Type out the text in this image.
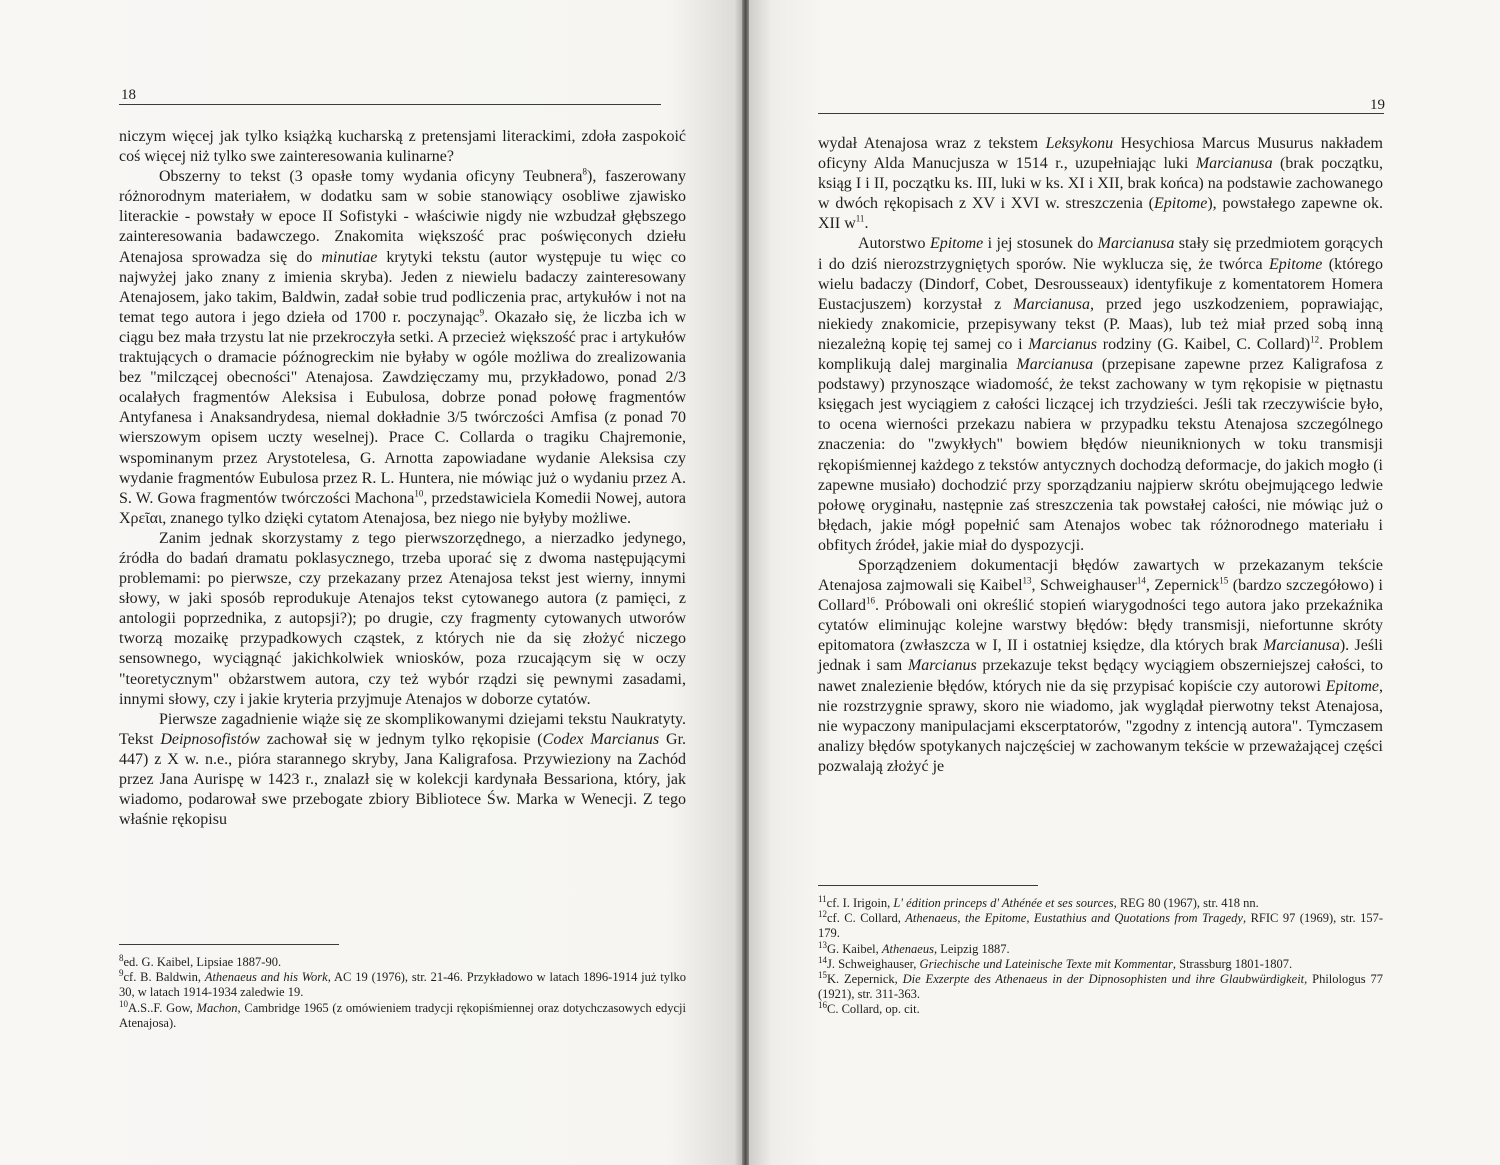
18

niczym więcej jak tylko książką kucharską z pretensjami literackimi, zdoła zaspokoić coś więcej niż tylko swe zainteresowania kulinarne?

Obszerny to tekst (3 opasłe tomy wydania oficyny Teubnera$^8$), faszerowany różnorodnym materiałem, w dodatku sam w sobie stanowiący osobliwe zjawisko literackie - powstały w epoce II Sofistyki - właściwie nigdy nie wzbudzał głębszego zainteresowania badawczego. Znakomita większość prac poświęconych dziełu Atenajosa sprowadza się do minutiae krytyki tekstu (autor występuje tu więc co najwyżej jako znany z imienia skryba). Jeden z niewielu badaczy zainteresowany Atenajosem, jako takim, Baldwin, zadał sobie trud podliczenia prac, artykułów i not na temat tego autora i jego dzieła od 1700 r. poczynając$^9$. Okazało się, że liczba ich w ciągu bez mała trzystu lat nie przekroczyła setki. A przecież większość prac i artykułów traktujących o dramacie późnogreckim nie byłaby w ogóle możliwa do zrealizowania bez "milczącej obecności" Atenajosa. Zawdzięczamy mu, przykładowo, ponad 2/3 ocalałych fragmentów Aleksisa i Eubulosa, dobrze ponad połowę fragmentów Antyfanesa i Anaksandrydesa, niemal dokładnie 3/5 twórczości Amfisa (z ponad 70 wierszowym opisem uczty weselnej). Prace C. Collarda o tragiku Chajremonie, wspominanym przez Arystotelesa, G. Arnotta zapowiadane wydanie Aleksisa czy wydanie fragmentów Eubulosa przez R. L. Huntera, nie mówiąc już o wydaniu przez A. S. W. Gowa fragmentów twórczości Machona$^{10}$, przedstawiciela Komedii Nowej, autora Χρεῖαι, znanego tylko dzięki cytatom Atenajosa, bez niego nie byłyby możliwe.

Zanim jednak skorzystamy z tego pierwszorzędnego, a nierzadko jedynego, źródła do badań dramatu poklasycznego, trzeba uporać się z dwoma następującymi problemami: po pierwsze, czy przekazany przez Atenajosa tekst jest wierny, innymi słowy, w jaki sposób reprodukuje Atenajos tekst cytowanego autora (z pamięci, z antologii poprzednika, z autopsji?); po drugie, czy fragmenty cytowanych utworów tworzą mozaikę przypadkowych cząstek, z których nie da się złożyć niczego sensownego, wyciągnąć jakichkolwiek wniosków, poza rzucającym się w oczy "teoretycznym" obżarstwem autora, czy też wybór rządzi się pewnymi zasadami, innymi słowy, czy i jakie kryteria przyjmuje Atenajos w doborze cytatów.

Pierwsze zagadnienie wiąże się ze skomplikowanymi dziejami tekstu Naukratyty. Tekst Deipnosofistów zachował się w jednym tylko rękopisie (Codex Marcianus Gr. 447) z X w. n.e., pióra starannego skryby, Jana Kaligrafosa. Przywieziony na Zachód przez Jana Aurispę w 1423 r., znalazł się w kolekcji kardynała Bessariona, który, jak wiadomo, podarował swe przebogate zbiory Bibliotece Św. Marka w Wenecji. Z tego właśnie rękopisu

$^8$ed. G. Kaibel, Lipsiae 1887-90.

$^9$cf. B. Baldwin, Athenaeus and his Work, AC 19 (1976), str. 21-46. Przykładowo w latach 1896-1914 już tylko 30, w latach 1914-1934 zaledwie 19.

$^{10}$A.S..F. Gow, Machon, Cambridge 1965 (z omówieniem tradycji rękopiśmiennej oraz dotychczasowych edycji Atenajosa).

19

wydał Atenajosa wraz z tekstem Leksykonu Hesychiosa Marcus Musurus nakładem oficyny Alda Manucjusza w 1514 r., uzupełniając luki Marcianusa (brak początku, ksiąg I i II, początku ks. III, luki w ks. XI i XII, brak końca) na podstawie zachowanego w dwóch rękopisach z XV i XVI w. streszczenia (Epitome), powstałego zapewne ok. XII $w^{11}$.

Autorstwo Epitome i jej stosunek do Marcianusa stały się przedmiotem gorących i do dziś nierozstrzygniętych sporów. Nie wyklucza się, że twórca Epitome (którego wielu badaczy (Dindorf, Cobet, Desrousseaux) identyfikuje z komentatorem Homera Eustacjuszem) korzystał z Marcianusa, przed jego uszkodzeniem, poprawiając, niekiedy znakomicie, przepisywany tekst (P. Maas), lub też miał przed sobą inną niezależną kopię tej samej co i Marcianus rodziny (G. Kaibel, C. Collard)$^{12}$. Problem komplikują dalej marginalia Marcianusa (przepisane zapewne przez Kaligrafosa z podstawy) przynoszące wiadomość, że tekst zachowany w tym rękopisie w piętnastu księgach jest wyciągiem z całości liczącej ich trzydzieści. Jeśli tak rzeczywiście było, to ocena wierności przekazu nabiera w przypadku tekstu Atenajosa szczególnego znaczenia: do "zwykłych" bowiem błędów nieuniknionych w toku transmisji rękopiśmiennej każdego z tekstów antycznych dochodzą deformacje, do jakich mogło (i zapewne musiało) dochodzić przy sporządzaniu najpierw skrótu obejmującego ledwie połowę oryginału, następnie zaś streszczenia tak powstałej całości, nie mówiąc już o błędach, jakie mógł popełnić sam Atenajos wobec tak różnorodnego materiału i obfitych źródeł, jakie miał do dyspozycji.

Sporządzeniem dokumentacji błędów zawartych w przekazanym tekście Atenajosa zajmowali się Kaibel$^{13}$, Schweighauser$^{14}$, Zepernick$^{15}$ (bardzo szczegółowo) i Collard$^{16}$. Próbowali oni określić stopień wiarygodności tego autora jako przekaźnika cytatów eliminując kolejne warstwy błędów: błędy transmisji, niefortunne skróty epitomatora (zwłaszcza w I, II i ostatniej księdze, dla których brak Marcianusa). Jeśli jednak i sam Marcianus przekazuje tekst będący wyciągiem obszerniejszej całości, to nawet znalezienie błędów, których nie da się przypisać kopiście czy autorowi Epitome, nie rozstrzygnie sprawy, skoro nie wiadomo, jak wyglądał pierwotny tekst Atenajosa, nie wypaczony manipulacjami ekscerptatorów, "zgodny z intencją autora". Tymczasem analizy błędów spotykanych najczęściej w zachowanym tekście w przeważającej części pozwalają złożyć je

$^{11}$cf. I. Irigoin, L' édition princeps d' Athénée et ses sources, REG 80 (1967), str. 418 nn.

$^{12}$cf. C. Collard, Athenaeus, the Epitome, Eustathius and Quotations from Tragedy, RFIC 97 (1969), str. 157-179.

$^{13}$G. Kaibel, Athenaeus, Leipzig 1887.

$^{14}$J. Schweighauser, Griechische und Lateinische Texte mit Kommentar, Strassburg 1801-1807.

$^{15}$K. Zepernick, Die Exzerpte des Athenaeus in der Dipnosophisten und ihre Glaubwürdigkeit, Philologus 77 (1921), str. 311-363.

$^{16}$C. Collard, op. cit.
